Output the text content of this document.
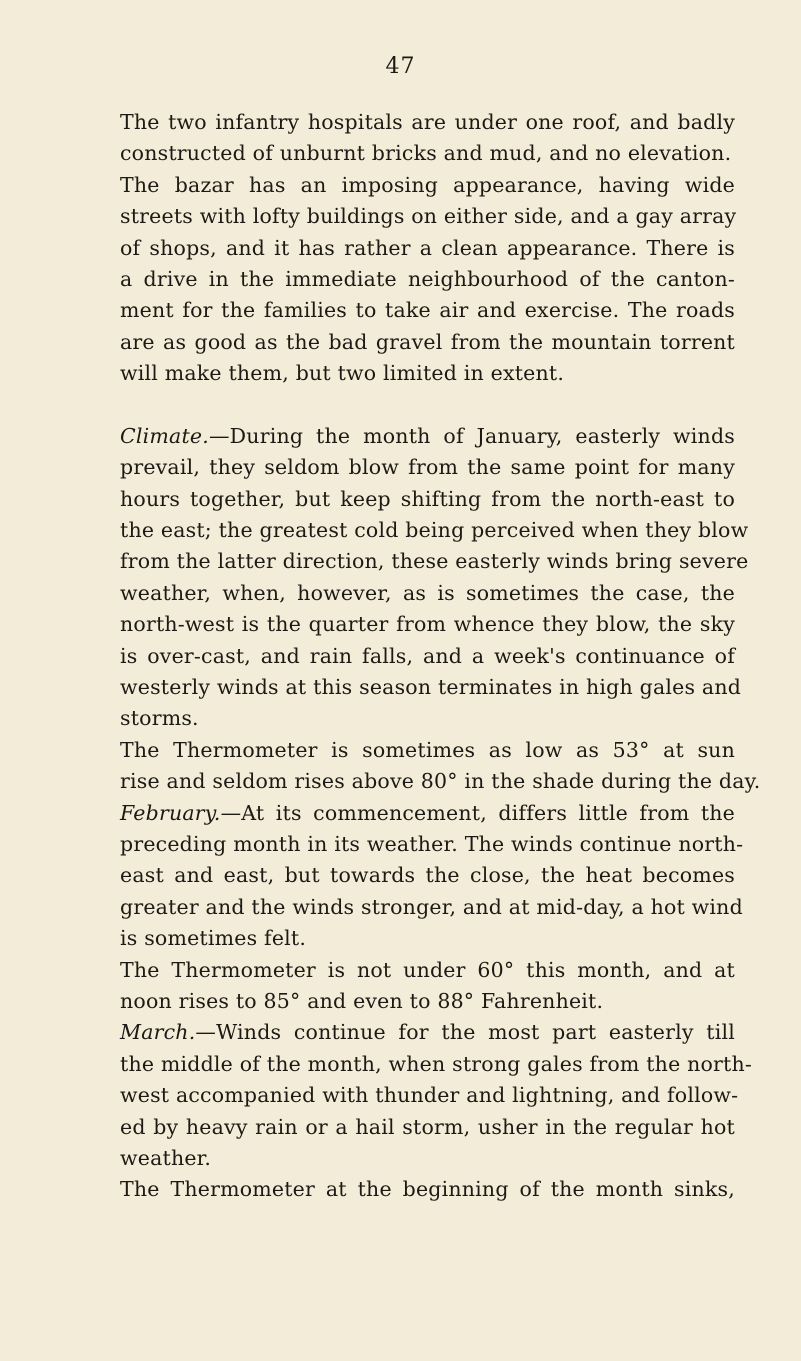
47
The two infantry hospitals are under one roof, and badly
constructed of unburnt bricks and mud, and no elevation.
The bazar has an imposing appearance, having wide
streets with lofty buildings on either side, and a gay array
of shops, and it has rather a clean appearance. There is
a drive in the immediate neighbourhood of the canton-
ment for the families to take air and exercise. The roads
are as good as the bad gravel from the mountain torrent
will make them, but two limited in extent.
Climate.—During the month of January, easterly winds
prevail, they seldom blow from the same point for many
hours together, but keep shifting from the north-east to
the east; the greatest cold being perceived when they blow
from the latter direction, these easterly winds bring severe
weather, when, however, as is sometimes the case, the
north-west is the quarter from whence they blow, the sky
is over-cast, and rain falls, and a week's continuance of
westerly winds at this season terminates in high gales and
storms.
The Thermometer is sometimes as low as 53° at sun
rise and seldom rises above 80° in the shade during the day.
February.—At its commencement, differs little from the
preceding month in its weather. The winds continue north-
east and east, but towards the close, the heat becomes
greater and the winds stronger, and at mid-day, a hot wind
is sometimes felt.
The Thermometer is not under 60° this month, and at
noon rises to 85° and even to 88° Fahrenheit.
March.—Winds continue for the most part easterly till
the middle of the month, when strong gales from the north-
west accompanied with thunder and lightning, and follow-
ed by heavy rain or a hail storm, usher in the regular hot
weather.
The Thermometer at the beginning of the month sinks,
